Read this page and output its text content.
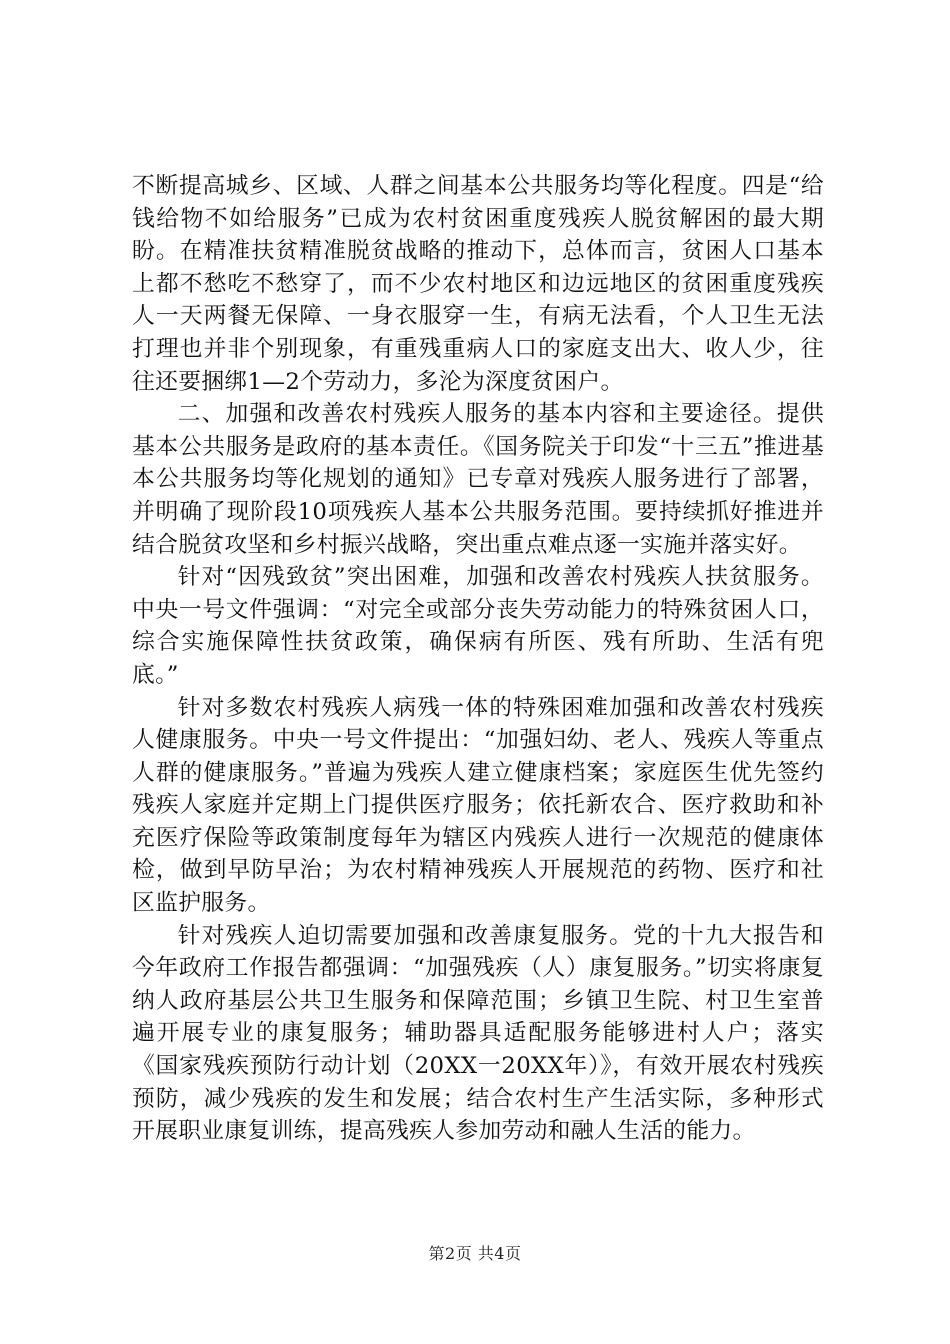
不断提高城乡、区域、人群之间基本公共服务均等化程度。四是“给钱给物不如给服务”已成为农村贫困重度残疾人脱贫解困的最大期盼。在精准扶贫精准脱贫战略的推动下，总体而言，贫困人口基本上都不愁吃不愁穿了，而不少农村地区和边远地区的贫困重度残疾人一天两餐无保障、一身衣服穿一生，有病无法看，个人卫生无法打理也并非个别现象，有重残重病人口的家庭支出大、收人少，往往还要捆绑1—2个劳动力，多沦为深度贫困户。

二、加强和改善农村残疾人服务的基本内容和主要途径。提供基本公共服务是政府的基本责任。《国务院关于印发“十三五”推进基本公共服务均等化规划的通知》已专章对残疾人服务进行了部署，并明确了现阶段10项残疾人基本公共服务范围。要持续抓好推进并结合脱贫攻坚和乡村振兴战略，突出重点难点逐一实施并落实好。

针对“因残致贫”突出困难，加强和改善农村残疾人扶贫服务。中央一号文件强调：“对完全或部分丧失劳动能力的特殊贫困人口，综合实施保障性扶贫政策，确保病有所医、残有所助、生活有兜底。”

针对多数农村残疾人病残一体的特殊困难加强和改善农村残疾人健康服务。中央一号文件提出：“加强妇幼、老人、残疾人等重点人群的健康服务。”普遍为残疾人建立健康档案；家庭医生优先签约残疾人家庭并定期上门提供医疗服务；依托新农合、医疗救助和补充医疗保险等政策制度每年为辖区内残疾人进行一次规范的健康体检，做到早防早治；为农村精神残疾人开展规范的药物、医疗和社区监护服务。

针对残疾人迫切需要加强和改善康复服务。党的十九大报告和今年政府工作报告都强调：“加强残疾（人）康复服务。”切实将康复纳人政府基层公共卫生服务和保障范围；乡镇卫生院、村卫生室普遍开展专业的康复服务；辅助器具适配服务能够进村人户；落实《国家残疾预防行动计划（20XX一20XX年）》，有效开展农村残疾预防，减少残疾的发生和发展；结合农村生产生活实际，多种形式开展职业康复训练，提高残疾人参加劳动和融人生活的能力。

第2页 共4页
